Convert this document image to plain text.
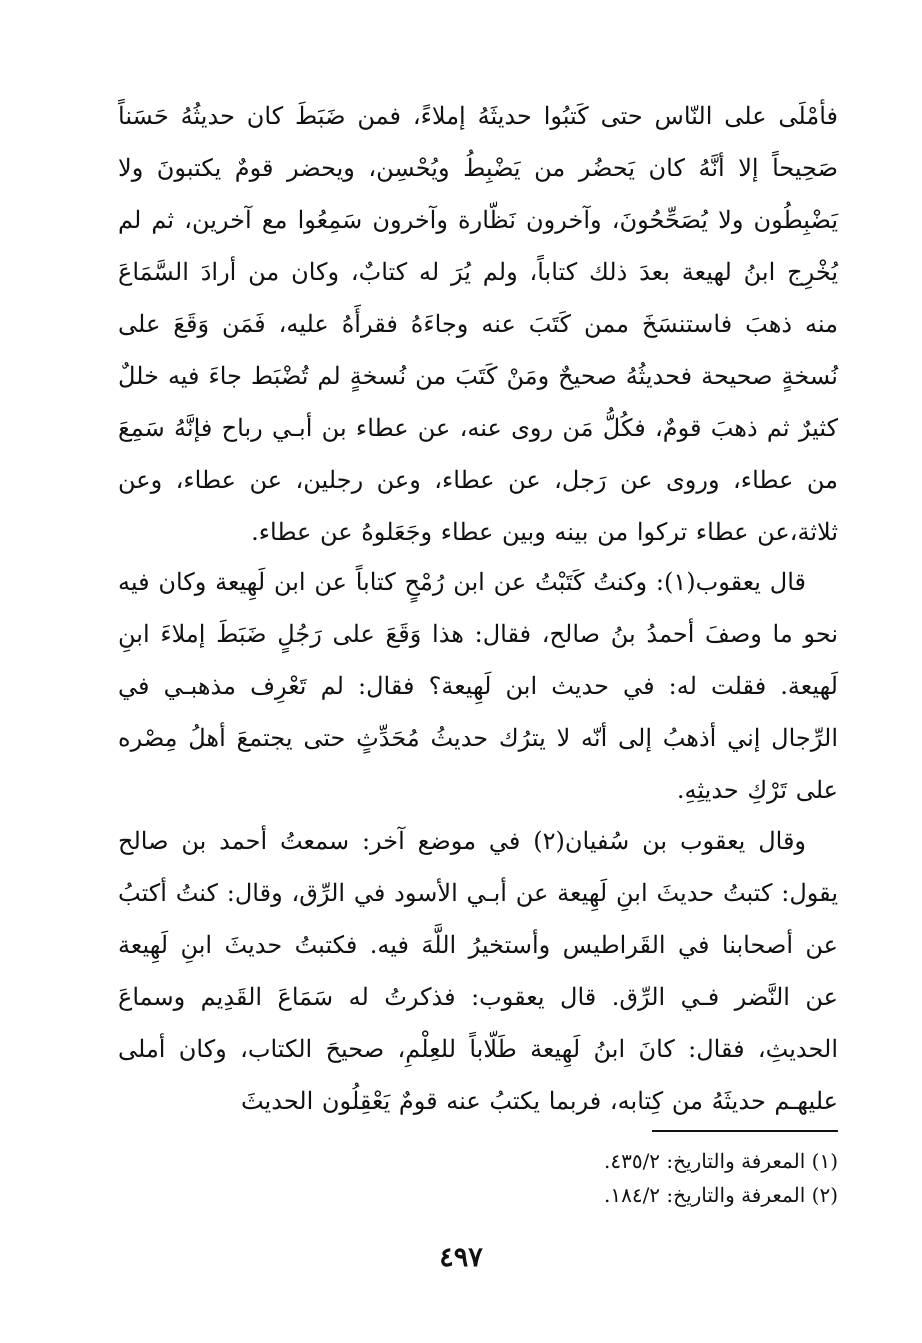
فأمْلَى على النّاس حتى كَتبُوا حديثَهُ إملاءً، فمن ضَبَطَ كان حديثُهُ حَسَناً صَحِيحاً إلا أنَّهُ كان يَحضُر من يَضْبِطُ ويُحْسِن، ويحضر قومٌ يكتبونَ ولا يَضْبِطُون ولا يُصَحِّحُونَ، وآخرون نَظّارة وآخرون سَمِعُوا مع آخرين، ثم لم يُخْرِج ابنُ لهيعة بعدَ ذلك كتاباً، ولم يُرَ له كتابٌ، وكان من أرادَ السَّمَاعَ منه ذهبَ فاستنسَخَ ممن كَتَبَ عنه وجاءَهُ فقرأَهُ عليه، فَمَن وَقَعَ على نُسخةٍ صحيحة فحديثُهُ صحيحٌ ومَنْ كَتَبَ من نُسخةٍ لم تُضْبَط جاءَ فيه خللٌ كثيرٌ ثم ذهبَ قومٌ، فكُلُّ مَن روى عنه، عن عطاء بن أبـي رباح فإنَّهُ سَمِعَ من عطاء، وروى عن رَجل، عن عطاء، وعن رجلين، عن عطاء، وعن ثلاثة،عن عطاء تركوا من بينه وبين عطاء وجَعَلوهُ عن عطاء.

قال يعقوب(١): وكنتُ كَتَبْتُ عن ابن رُمْحٍ كتاباً عن ابن لَهِيعة وكان فيه نحو ما وصفَ أحمدُ بنُ صالح، فقال: هذا وَقَعَ على رَجُلٍ ضَبَطَ إملاءَ ابنِ لَهيعة. فقلت له: في حديث ابن لَهِيعة؟ فقال: لم تَعْرِف مذهبـي في الرِّجال إني أذهبُ إلى أنّه لا يترُك حديثُ مُحَدِّثٍ حتى يجتمعَ أهلُ مِصْره على تَرْكِ حديثِهِ.

وقال يعقوب بن سُفيان(٢) في موضع آخر: سمعتُ أحمد بن صالح يقول: كتبتُ حديثَ ابنِ لَهِيعة عن أبـي الأسود في الرِّق، وقال: كنتُ أكتبُ عن أصحابنا في القَراطيس وأستخيرُ اللَّهَ فيه. فكتبتُ حديثَ ابنِ لَهِيعة عن النَّضر فـي الرِّق. قال يعقوب: فذكرتُ له سَمَاعَ القَدِيم وسماعَ الحديثِ، فقال: كانَ ابنُ لَهِيعة طَلّاباً للعِلْمِ، صحيحَ الكتاب، وكان أملى عليهـم حديثَهُ من كِتابه، فربما يكتبُ عنه قومٌ يَعْقِلُون الحديثَ

(١) المعرفة والتاريخ: ٤٣٥/٢.

(٢) المعرفة والتاريخ: ١٨٤/٢.

٤٩٧
